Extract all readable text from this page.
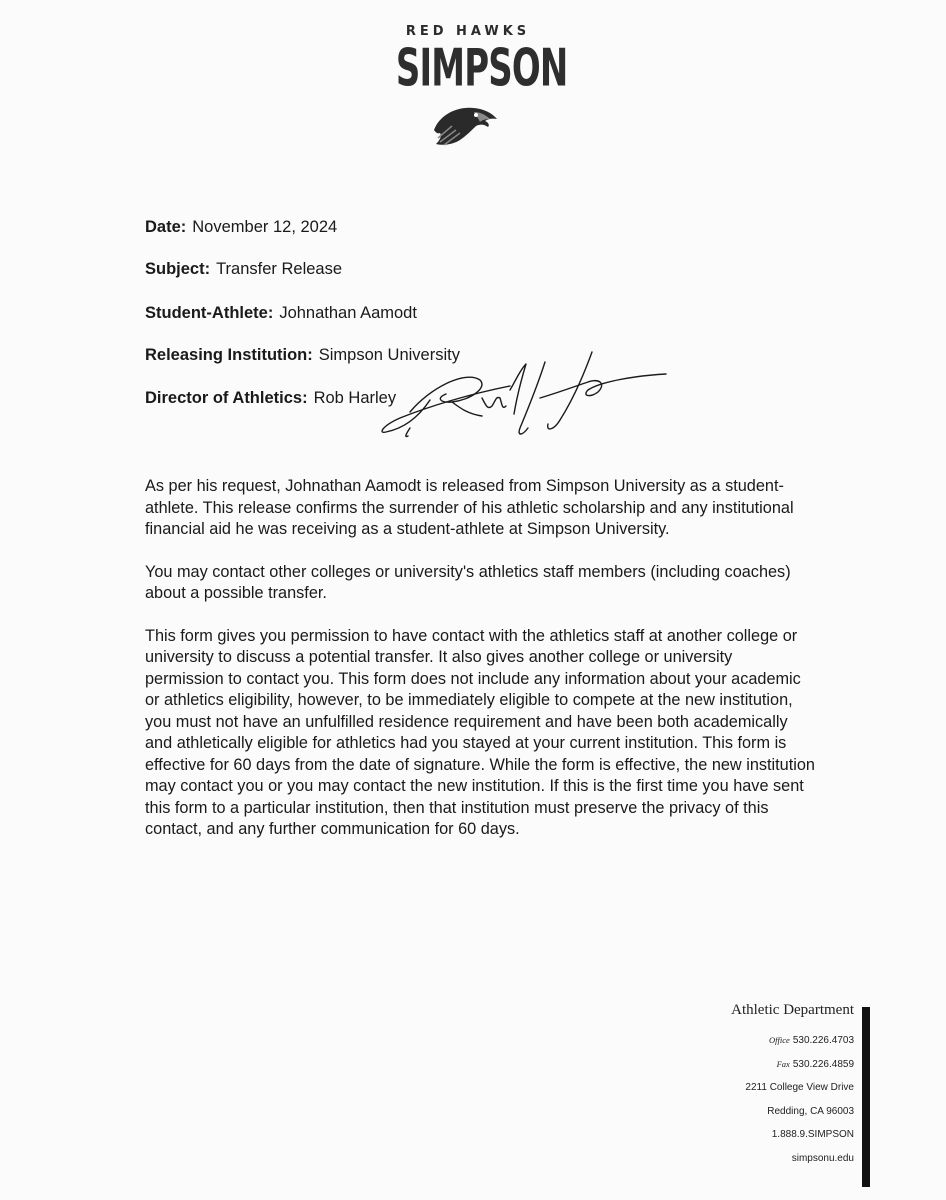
RED HAWKS
SIMPSON
Date: November 12, 2024
Subject: Transfer Release
Student-Athlete: Johnathan Aamodt
Releasing Institution: Simpson University
Director of Athletics: Rob Harley

As per his request, Johnathan Aamodt is released from Simpson University as a student-athlete. This release confirms the surrender of his athletic scholarship and any institutional financial aid he was receiving as a student-athlete at Simpson University.

You may contact other colleges or university's athletics staff members (including coaches) about a possible transfer.

This form gives you permission to have contact with the athletics staff at another college or university to discuss a potential transfer. It also gives another college or university permission to contact you. This form does not include any information about your academic or athletics eligibility, however, to be immediately eligible to compete at the new institution, you must not have an unfulfilled residence requirement and have been both academically and athletically eligible for athletics had you stayed at your current institution. This form is effective for 60 days from the date of signature. While the form is effective, the new institution may contact you or you may contact the new institution. If this is the first time you have sent this form to a particular institution, then that institution must preserve the privacy of this contact, and any further communication for 60 days.

Athletic Department
Office 530.226.4703
Fax 530.226.4859
2211 College View Drive
Redding, CA 96003
1.888.9.SIMPSON
simpsonu.edu
